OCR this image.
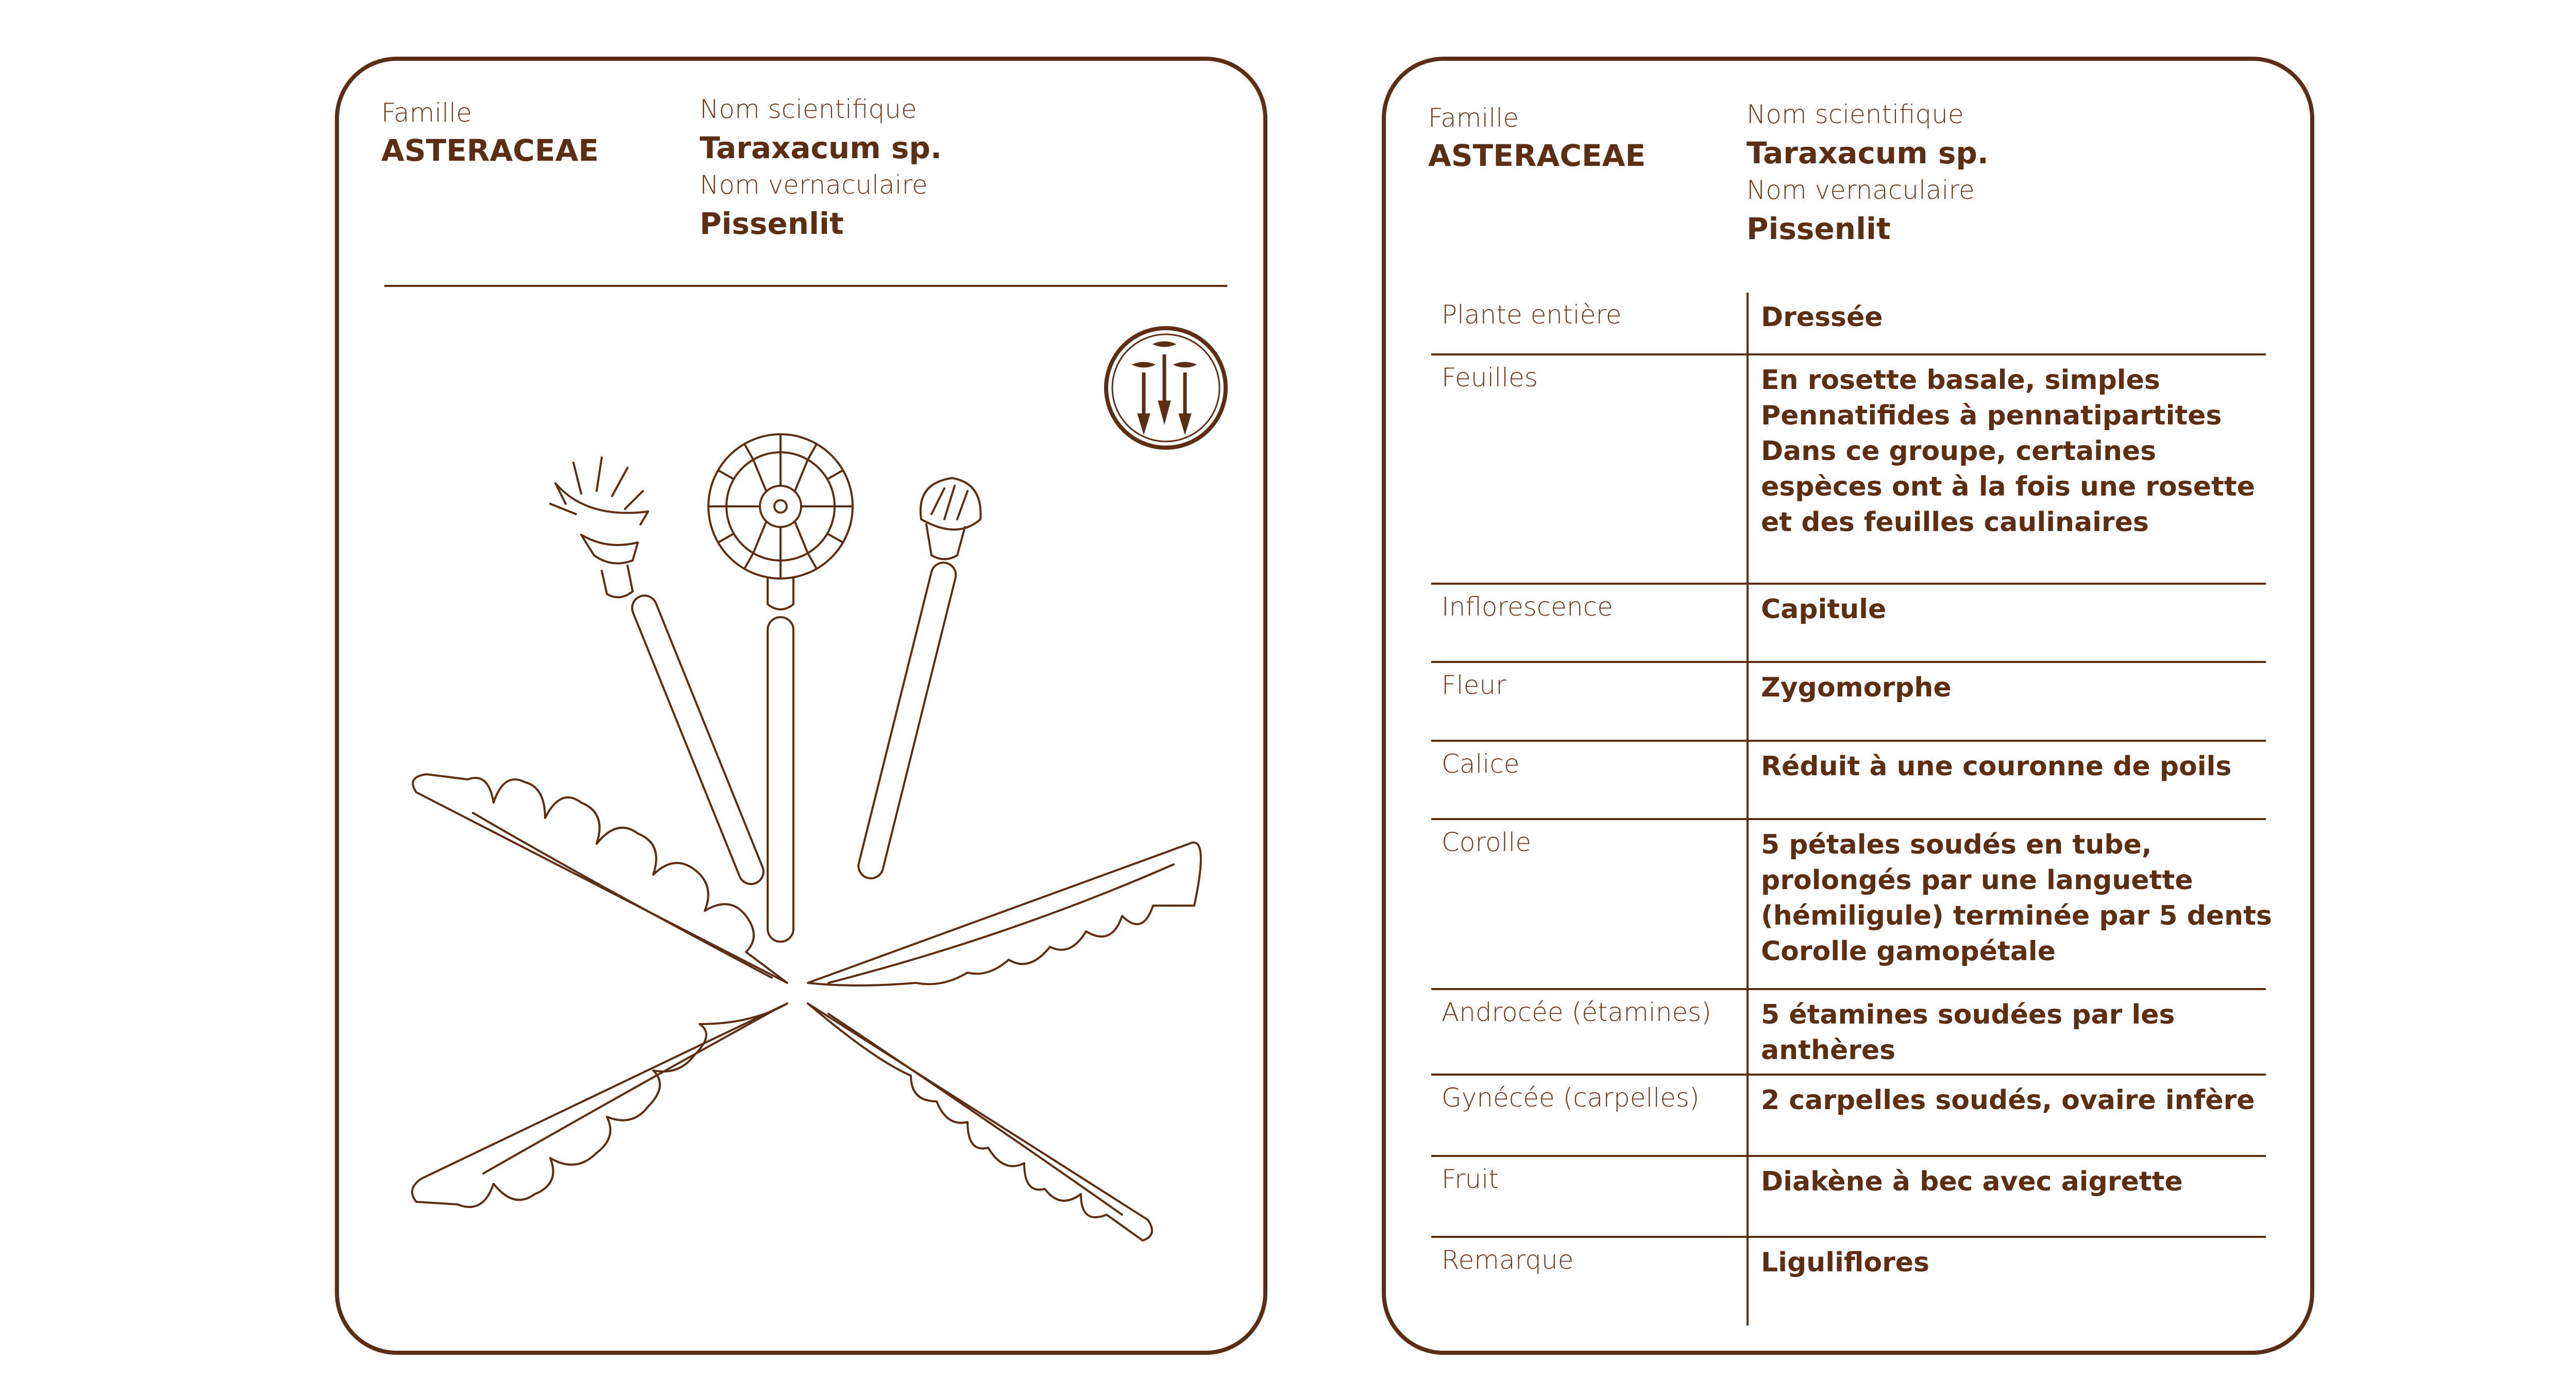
Famille
ASTERACEAE
Nom scientifique
Taraxacum sp.
Nom vernaculaire
Pissenlit
Famille
ASTERACEAE
Nom scientifique
Taraxacum sp.
Nom vernaculaire
Pissenlit
Plante entière	Dressée
Feuilles	En rosette basale, simples
Pennatifides à pennatipartites
Dans ce groupe, certaines
espèces ont à la fois une rosette
et des feuilles caulinaires
Inflorescence	Capitule
Fleur	Zygomorphe
Calice	Réduit à une couronne de poils
Corolle	5 pétales soudés en tube,
prolongés par une languette
(hémiligule) terminée par 5 dents
Corolle gamopétale
Androcée (étamines) 5 étamines soudées par les
anthères
Gynécée (carpelles) 2 carpelles soudés, ovaire infère
Fruit	Diakène à bec avec aigrette
Remarque	Liguliflores
